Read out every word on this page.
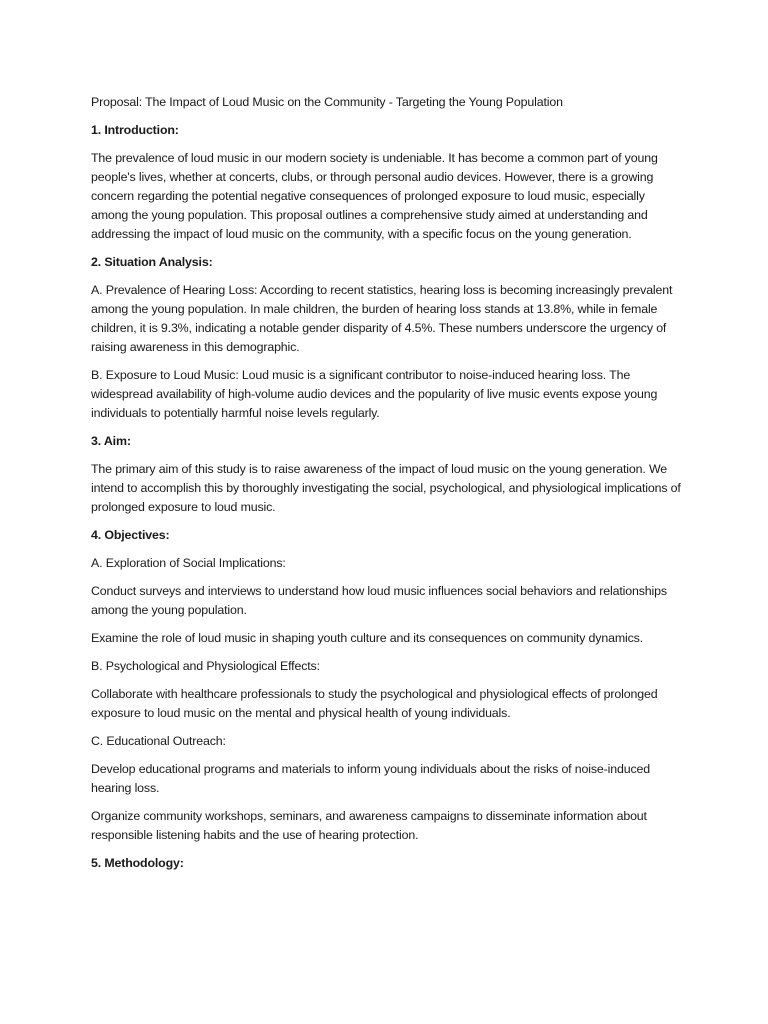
Proposal: The Impact of Loud Music on the Community - Targeting the Young Population

1. Introduction:

The prevalence of loud music in our modern society is undeniable. It has become a common part of young people's lives, whether at concerts, clubs, or through personal audio devices. However, there is a growing concern regarding the potential negative consequences of prolonged exposure to loud music, especially among the young population. This proposal outlines a comprehensive study aimed at understanding and addressing the impact of loud music on the community, with a specific focus on the young generation.

2. Situation Analysis:

A. Prevalence of Hearing Loss: According to recent statistics, hearing loss is becoming increasingly prevalent among the young population. In male children, the burden of hearing loss stands at 13.8%, while in female children, it is 9.3%, indicating a notable gender disparity of 4.5%. These numbers underscore the urgency of raising awareness in this demographic.

B. Exposure to Loud Music: Loud music is a significant contributor to noise-induced hearing loss. The widespread availability of high-volume audio devices and the popularity of live music events expose young individuals to potentially harmful noise levels regularly.

3. Aim:

The primary aim of this study is to raise awareness of the impact of loud music on the young generation. We intend to accomplish this by thoroughly investigating the social, psychological, and physiological implications of prolonged exposure to loud music.

4. Objectives:

A. Exploration of Social Implications:

Conduct surveys and interviews to understand how loud music influences social behaviors and relationships among the young population.

Examine the role of loud music in shaping youth culture and its consequences on community dynamics.

B. Psychological and Physiological Effects:

Collaborate with healthcare professionals to study the psychological and physiological effects of prolonged exposure to loud music on the mental and physical health of young individuals.

C. Educational Outreach:

Develop educational programs and materials to inform young individuals about the risks of noise-induced hearing loss.

Organize community workshops, seminars, and awareness campaigns to disseminate information about responsible listening habits and the use of hearing protection.

5. Methodology:
